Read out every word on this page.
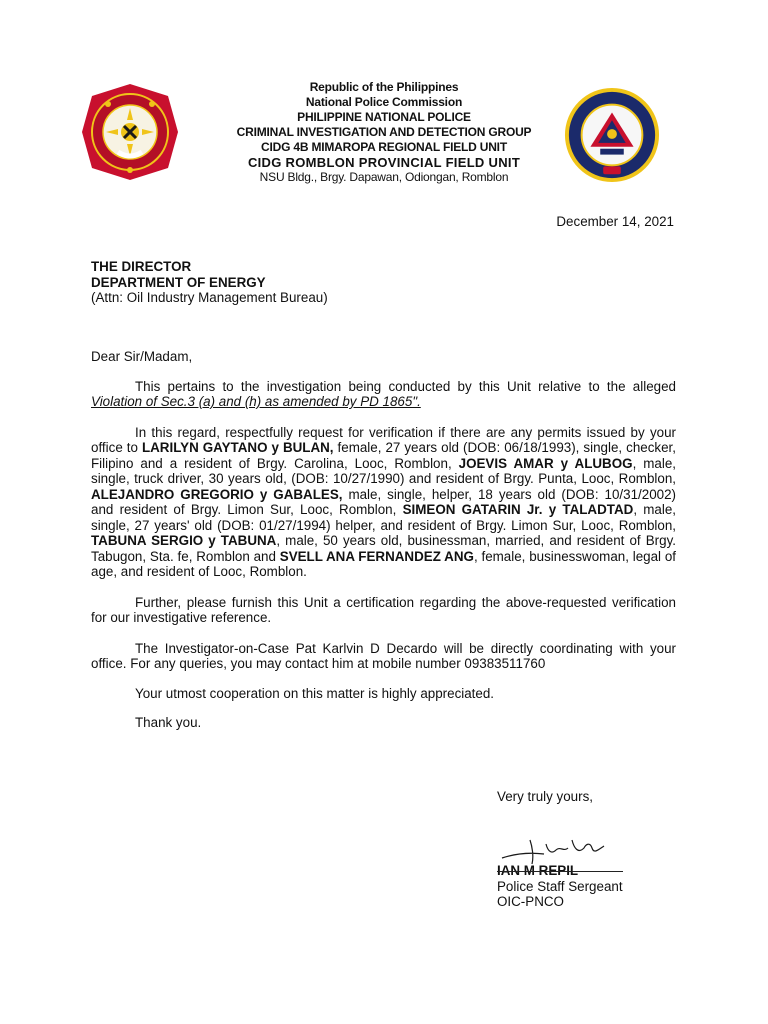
Republic of the Philippines
National Police Commission
PHILIPPINE NATIONAL POLICE
CRIMINAL INVESTIGATION AND DETECTION GROUP
CIDG 4B MIMAROPA REGIONAL FIELD UNIT
CIDG ROMBLON PROVINCIAL FIELD UNIT
NSU Bldg., Brgy. Dapawan, Odiongan, Romblon
December 14, 2021
THE DIRECTOR
DEPARTMENT OF ENERGY
(Attn: Oil Industry Management Bureau)

Dear Sir/Madam,

This pertains to the investigation being conducted by this Unit relative to the alleged Violation of Sec.3 (a) and (h) as amended by PD 1865".

In this regard, respectfully request for verification if there are any permits issued by your office to LARILYN GAYTANO y BULAN, female, 27 years old (DOB: 06/18/1993), single, checker, Filipino and a resident of Brgy. Carolina, Looc, Romblon, JOEVIS AMAR y ALUBOG, male, single, truck driver, 30 years old, (DOB: 10/27/1990) and resident of Brgy. Punta, Looc, Romblon, ALEJANDRO GREGORIO y GABALES, male, single, helper, 18 years old (DOB: 10/31/2002) and resident of Brgy. Limon Sur, Looc, Romblon, SIMEON GATARIN Jr. y TALADTAD, male, single, 27 years' old (DOB: 01/27/1994) helper, and resident of Brgy. Limon Sur, Looc, Romblon, TABUNA SERGIO y TABUNA, male, 50 years old, businessman, married, and resident of Brgy. Tabugon, Sta. fe, Romblon and SVELL ANA FERNANDEZ ANG, female, businesswoman, legal of age, and resident of Looc, Romblon.

Further, please furnish this Unit a certification regarding the above-requested verification for our investigative reference.

The Investigator-on-Case Pat Karlvin D Decardo will be directly coordinating with your office. For any queries, you may contact him at mobile number 09383511760

Your utmost cooperation on this matter is highly appreciated.

Thank you.

Very truly yours,
IAN M REPIL
Police Staff Sergeant
OIC-PNCO
